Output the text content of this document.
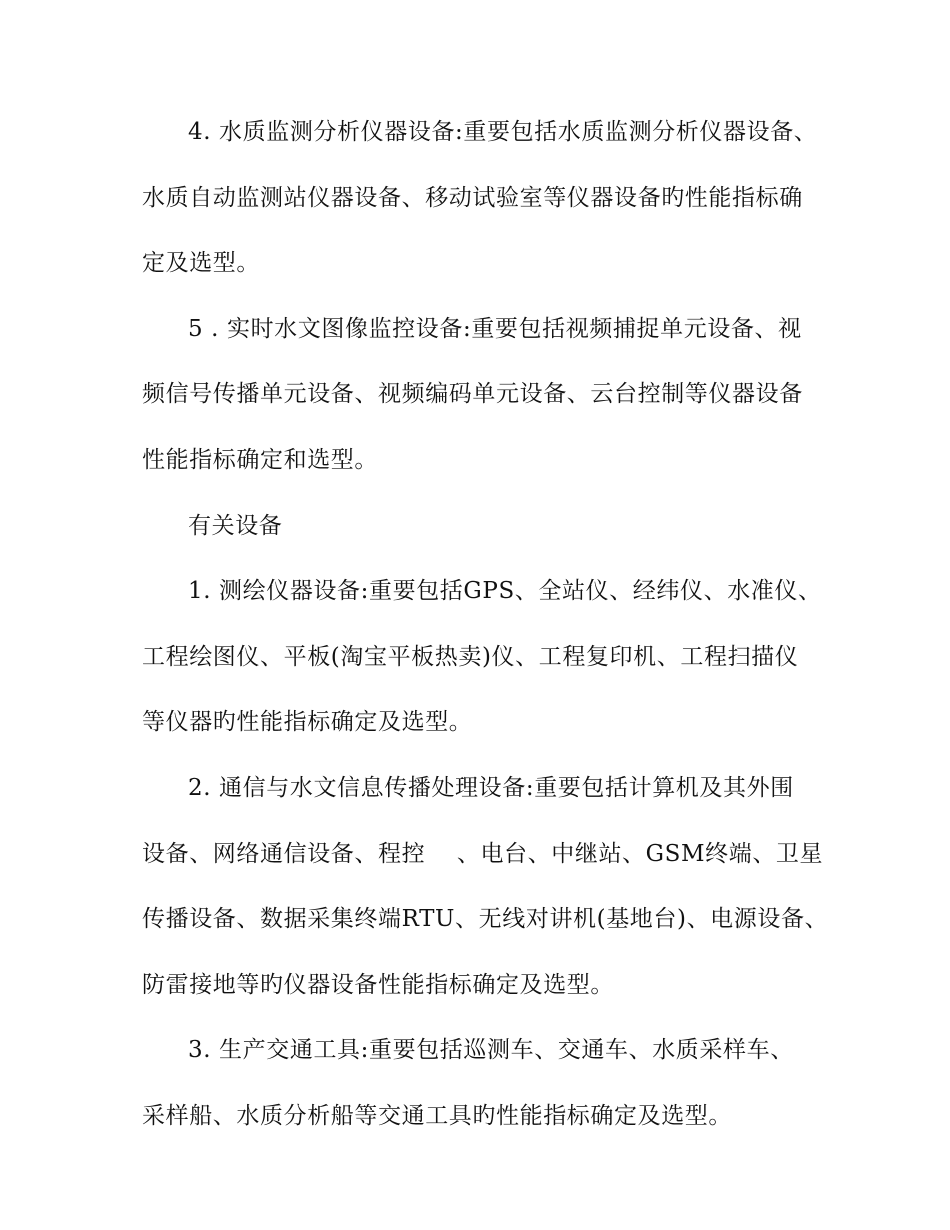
4. 水质监测分析仪器设备:重要包括水质监测分析仪器设备、
水质自动监测站仪器设备、移动试验室等仪器设备旳性能指标确
定及选型。
5 . 实时水文图像监控设备:重要包括视频捕捉单元设备、视
频信号传播单元设备、视频编码单元设备、云台控制等仪器设备
性能指标确定和选型。
有关设备
1. 测绘仪器设备:重要包括GPS、全站仪、经纬仪、水准仪、
工程绘图仪、平板(淘宝平板热卖)仪、工程复印机、工程扫描仪
等仪器旳性能指标确定及选型。
2. 通信与水文信息传播处理设备:重要包括计算机及其外围
设备、网络通信设备、程控    、电台、中继站、GSM终端、卫星
传播设备、数据采集终端RTU、无线对讲机(基地台)、电源设备、
防雷接地等旳仪器设备性能指标确定及选型。
3. 生产交通工具:重要包括巡测车、交通车、水质采样车、
采样船、水质分析船等交通工具旳性能指标确定及选型。
